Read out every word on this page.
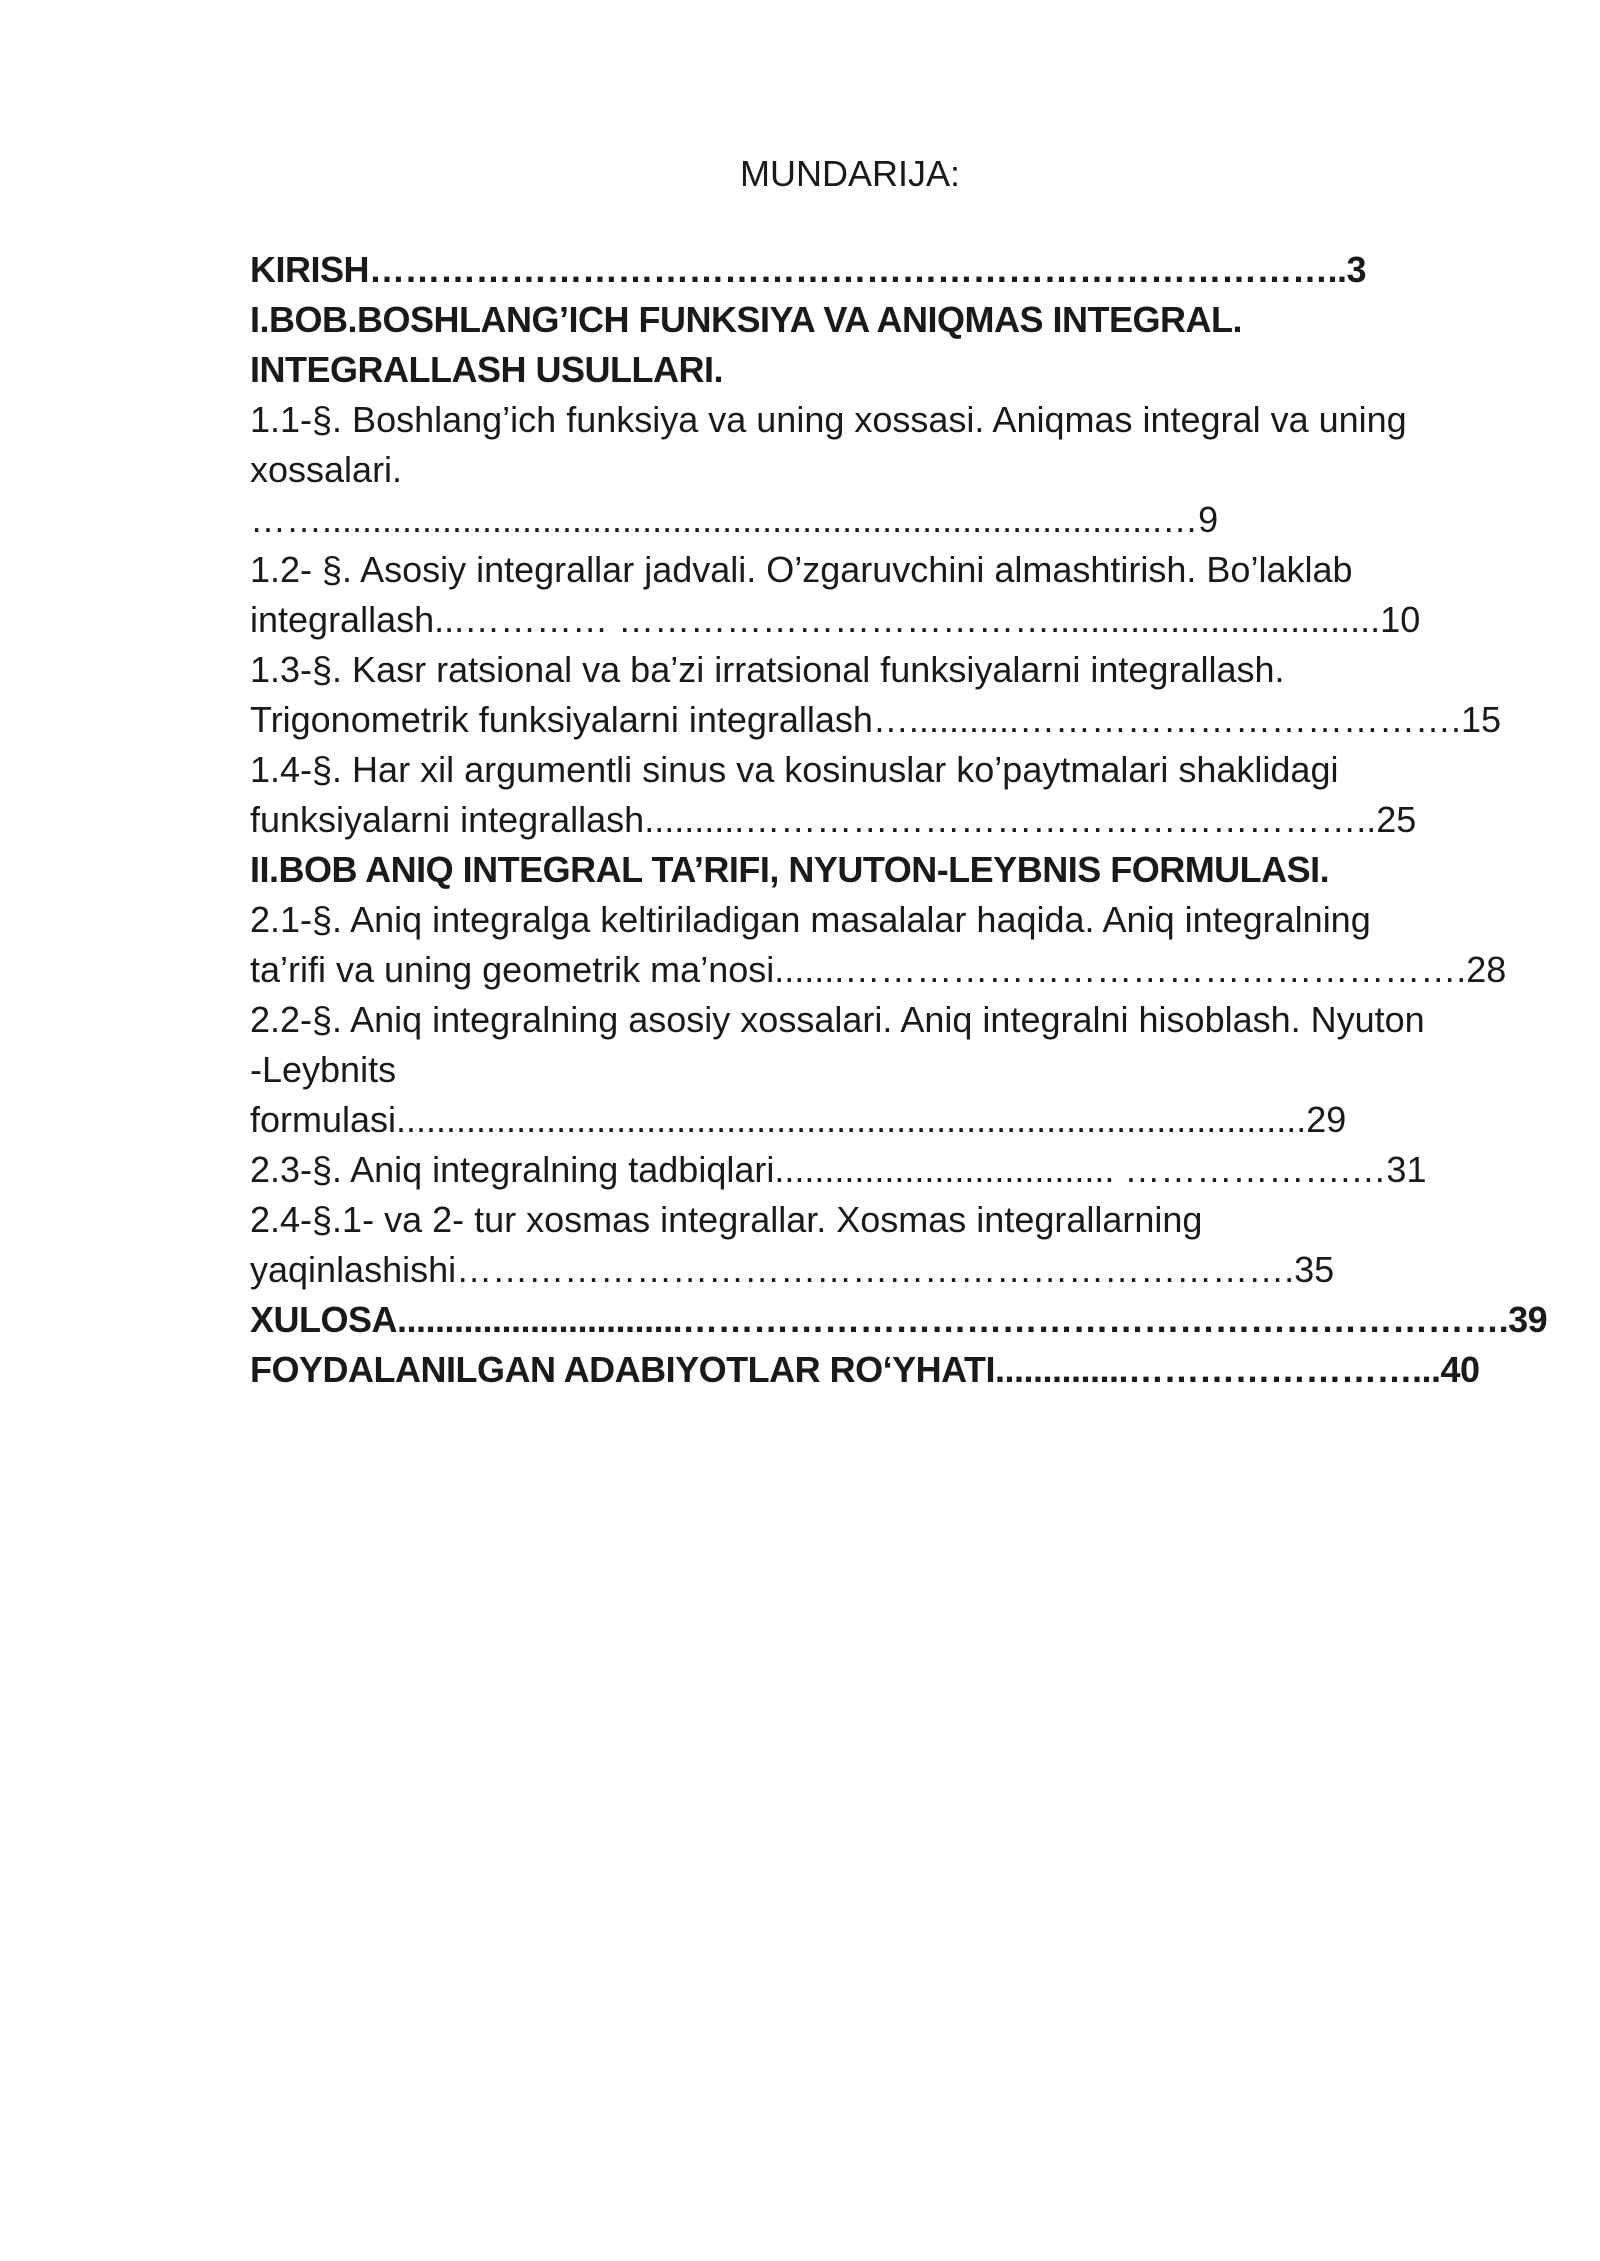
MUNDARIJA:
KIRISH………………………………………………………………………..3
I.BOB.BOSHLANG’ICH FUNKSIYA VA ANIQMAS INTEGRAL.
INTEGRALLASH USULLARI.
1.1-§. Boshlang’ich funksiya va uning xossasi. Aniqmas integral va uning
xossalari.
……....................................................................................…9
1.2- §. Asosiy integrallar jadvali. O’zgaruvchini almashtirish. Bo’laklab
integrallash...………… ……………………………….................................10
1.3-§. Kasr ratsional va ba’zi irratsional funksiyalarni integrallash.
Trigonometrik funksiyalarni integrallash…...........……………………………….15
1.4-§. Har xil argumentli sinus va kosinuslar ko’paytmalari shaklidagi
funksiyalarni integrallash..........……………………………………………..25
II.BOB ANIQ INTEGRAL TA’RIFI, NYUTON-LEYBNIS FORMULASI.
2.1-§. Aniq integralga keltiriladigan masalalar haqida. Aniq integralning
ta’rifi va uning geometrik ma’nosi.......…………………………………………….28
2.2-§. Aniq integralning asosiy xossalari. Aniq integralni hisoblash. Nyuton
-Leybnits
formulasi...........................................................................................29
2.3-§. Aniq integralning tadbiqlari.................................. ……………….…31
2.4-§.1- va 2- tur xosmas integrallar. Xosmas integrallarning
yaqinlashishi…………………………………………………………….35
XULOSA..............................…………………………………………………………….39
FOYDALANILGAN ADABIYOTLAR RO‘YHATI..............……………………...40
